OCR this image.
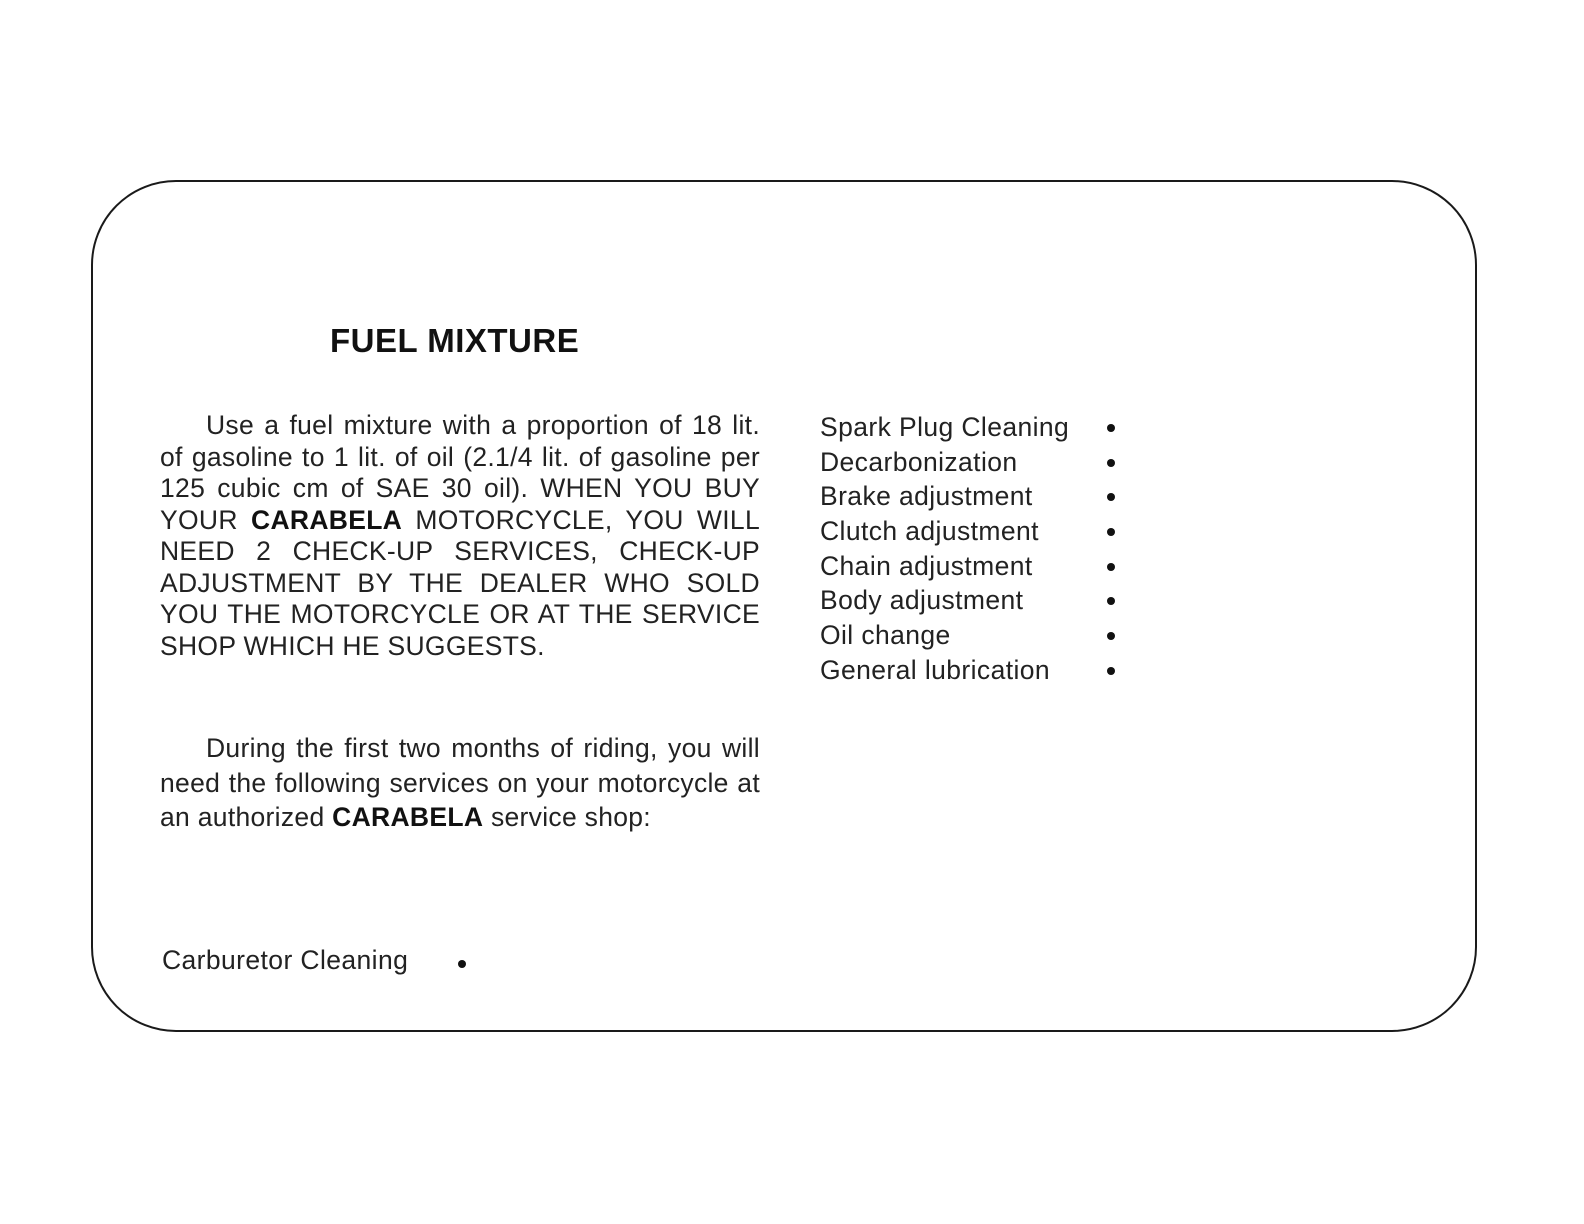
FUEL MIXTURE

Use a fuel mixture with a proportion of 18 lit. of gasoline to 1 lit. of oil (2.1/4 lit. of gasoline per 125 cubic cm of SAE 30 oil). WHEN YOU BUY YOUR CARABELA MOTORCYCLE, YOU WILL NEED 2 CHECK-UP SERVICES, CHECK-UP ADJUSTMENT BY THE DEALER WHO SOLD YOU THE MOTORCYCLE OR AT THE SERVICE SHOP WHICH HE SUGGESTS.

During the first two months of riding, you will need the following services on your motorcycle at an authorized CARABELA service shop:

Carburetor Cleaning
Spark Plug Cleaning
Decarbonization
Brake adjustment
Clutch adjustment
Chain adjustment
Body adjustment
Oil change
General lubrication
